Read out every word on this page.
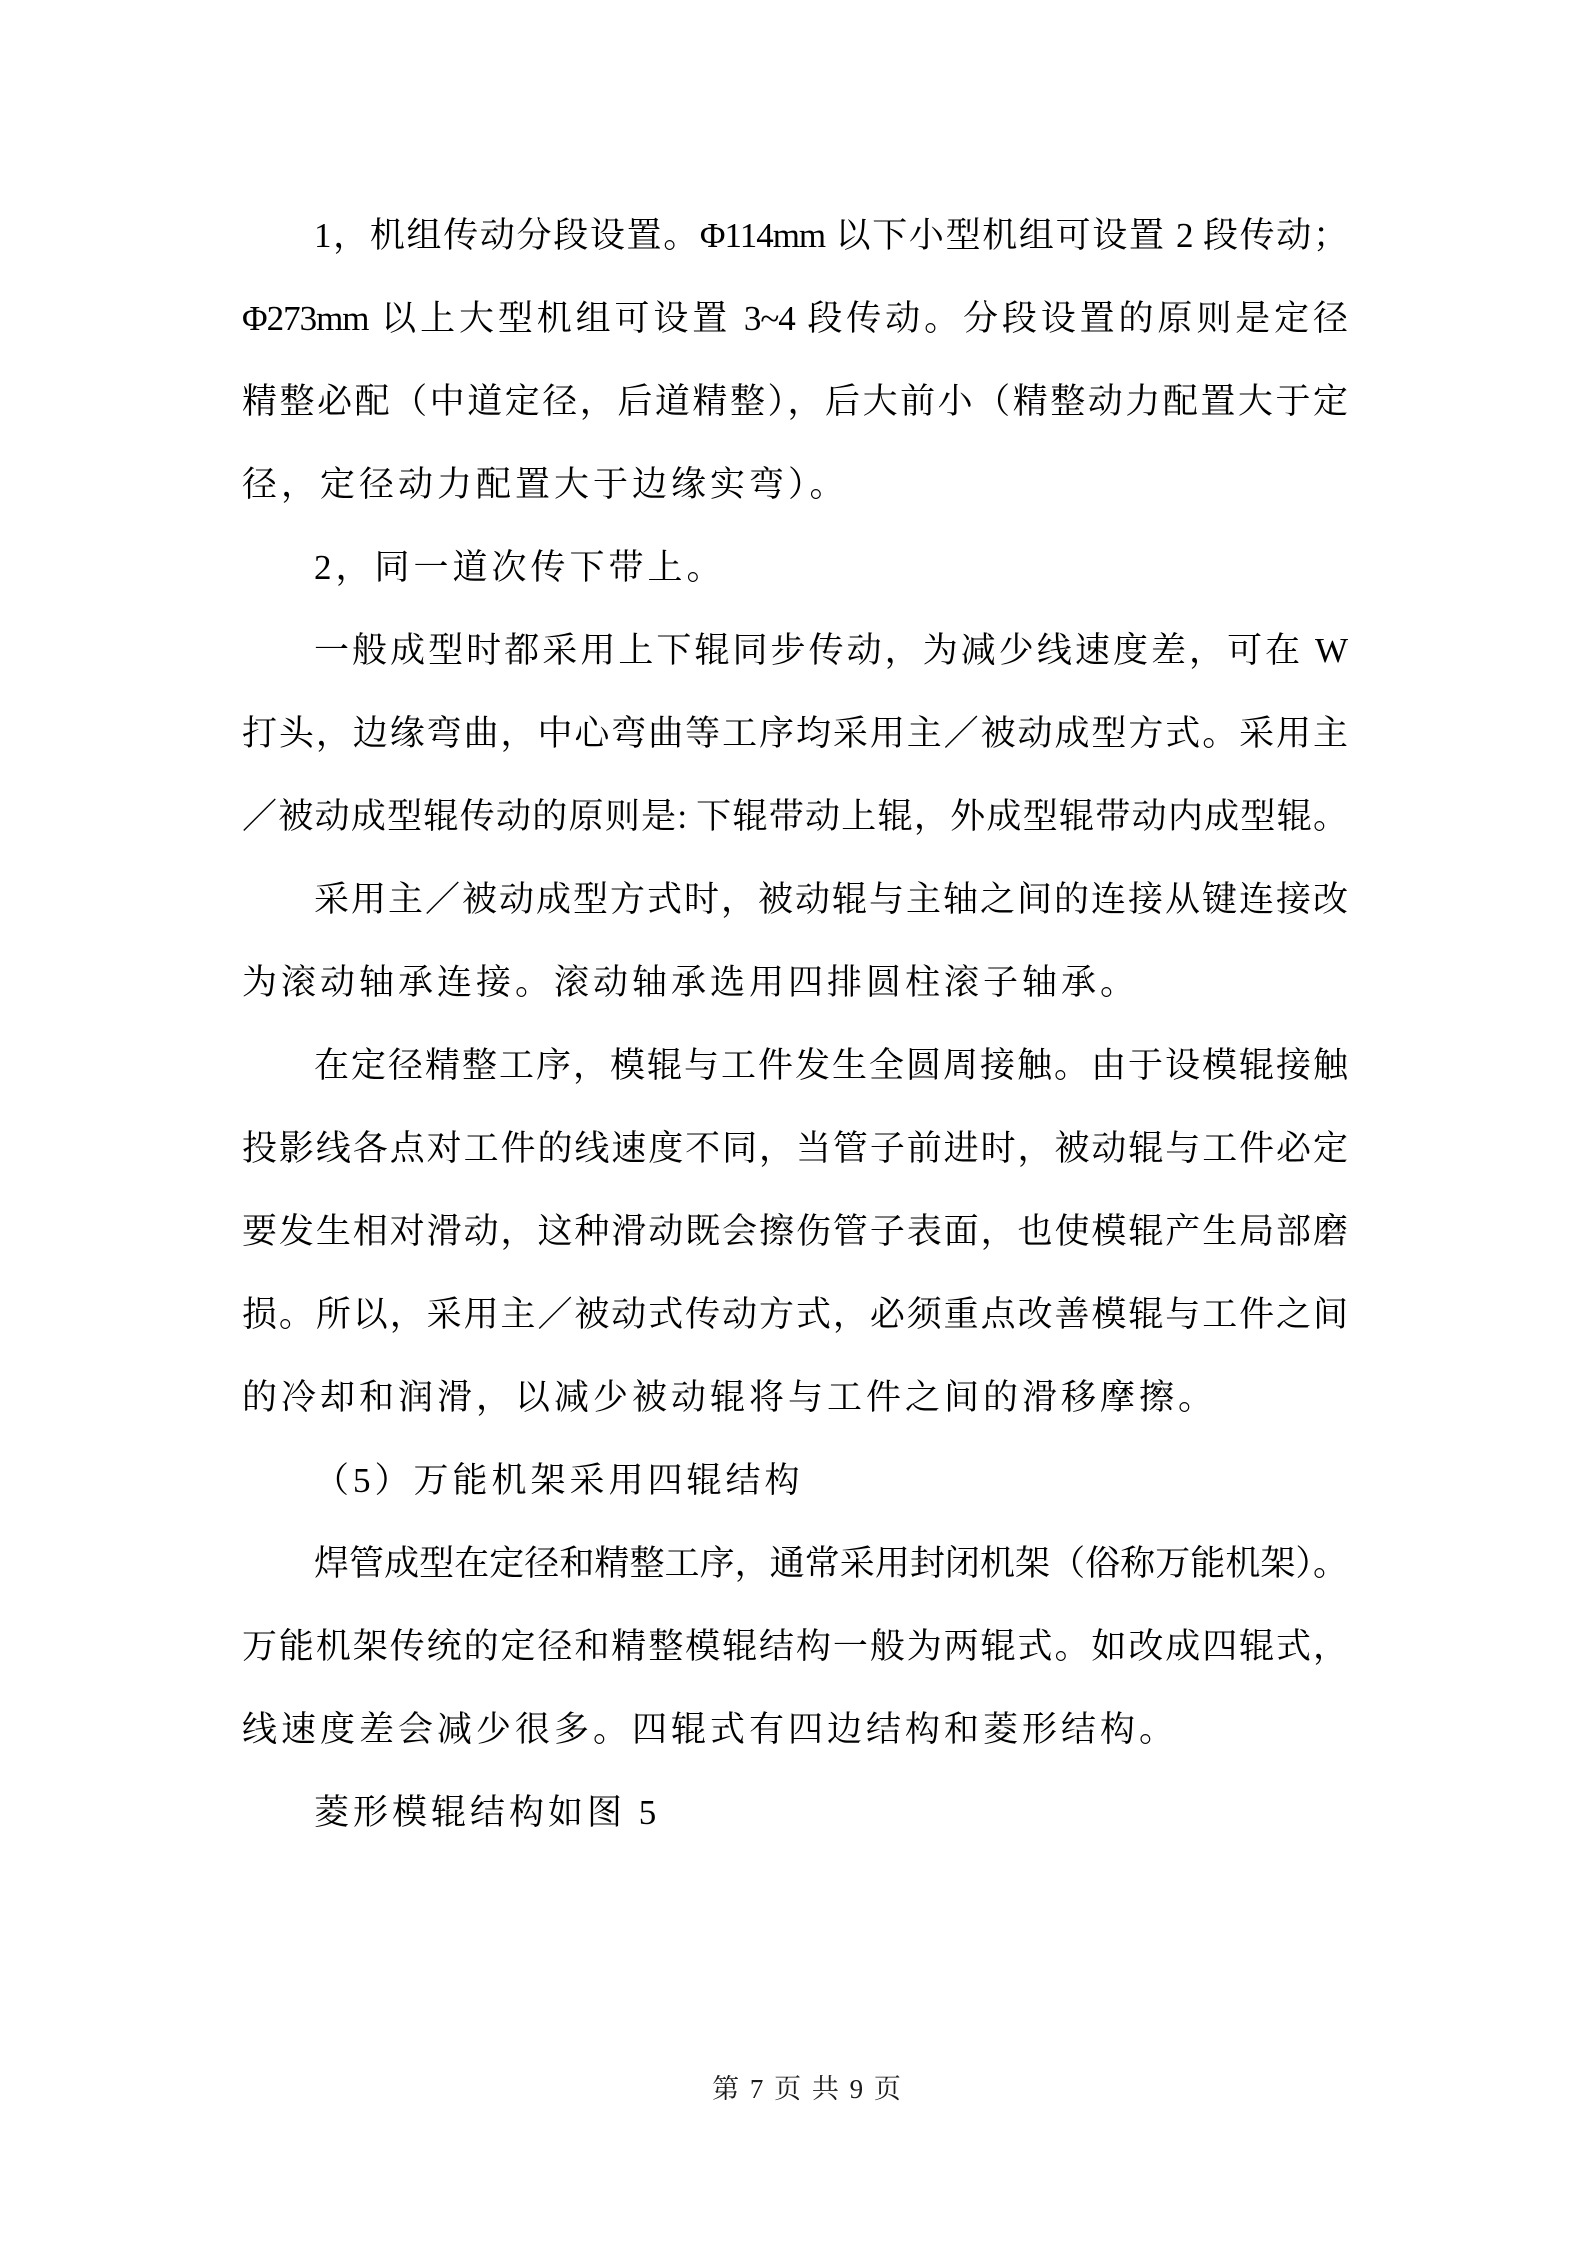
1，机组传动分段设置。Φ114mm 以下小型机组可设置 2 段传动；
Φ273mm 以上大型机组可设置 3~4 段传动。分段设置的原则是定径
精整必配（中道定径，后道精整），后大前小（精整动力配置大于定
径，定径动力配置大于边缘实弯）。
2，同一道次传下带上。
一般成型时都采用上下辊同步传动，为减少线速度差，可在 W
打头，边缘弯曲，中心弯曲等工序均采用主／被动成型方式。采用主
／被动成型辊传动的原则是: 下辊带动上辊，外成型辊带动内成型辊。
采用主／被动成型方式时，被动辊与主轴之间的连接从键连接改
为滚动轴承连接。滚动轴承选用四排圆柱滚子轴承。
在定径精整工序，模辊与工件发生全圆周接触。由于设模辊接触
投影线各点对工件的线速度不同，当管子前进时，被动辊与工件必定
要发生相对滑动，这种滑动既会擦伤管子表面，也使模辊产生局部磨
损。所以，采用主／被动式传动方式，必须重点改善模辊与工件之间
的冷却和润滑，以减少被动辊将与工件之间的滑移摩擦。
（5）万能机架采用四辊结构
焊管成型在定径和精整工序，通常采用封闭机架（俗称万能机架）。
万能机架传统的定径和精整模辊结构一般为两辊式。如改成四辊式，
线速度差会减少很多。四辊式有四边结构和菱形结构。
菱形模辊结构如图 5
第 7 页 共 9 页
